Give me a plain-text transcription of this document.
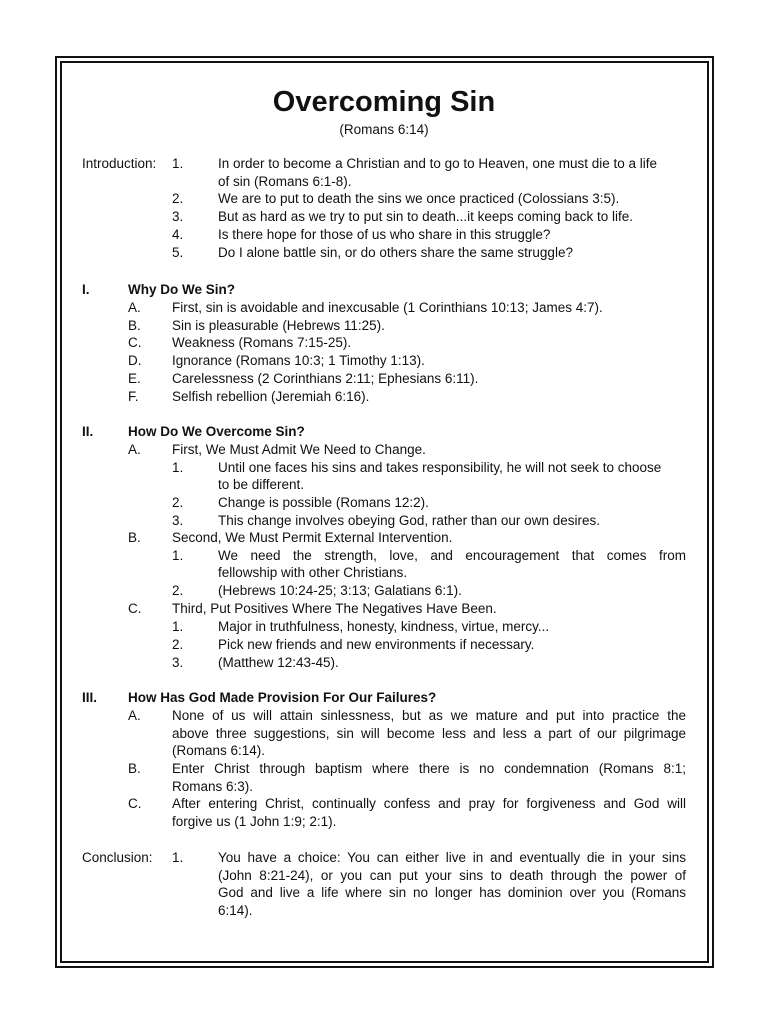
Overcoming Sin
(Romans 6:14)
Introduction: 1.	In order to become a Christian and to go to Heaven, one must die to a life
of sin (Romans 6:1-8).
2.	We are to put to death the sins we once practiced (Colossians 3:5).
3.	But as hard as we try to put sin to death...it keeps coming back to life.
4.	Is there hope for those of us who share in this struggle?
5.	Do I alone battle sin, or do others share the same struggle?
I.	Why Do We Sin?
A. First, sin is avoidable and inexcusable (1 Corinthians 10:13; James 4:7).
B. Sin is pleasurable (Hebrews 11:25).
C. Weakness (Romans 7:15-25).
D. Ignorance (Romans 10:3; 1 Timothy 1:13).
E. Carelessness (2 Corinthians 2:11; Ephesians 6:11).
F. Selfish rebellion (Jeremiah 6:16).
II.	How Do We Overcome Sin?
A. First, We Must Admit We Need to Change.
1.	Until one faces his sins and takes responsibility, he will not seek to choose
to be different.
2.	Change is possible (Romans 12:2).
3.	This change involves obeying God, rather than our own desires.
B. Second, We Must Permit External Intervention.
1.	We need the strength, love, and encouragement that comes from
fellowship with other Christians.
2.	(Hebrews 10:24-25; 3:13; Galatians 6:1).
C. Third, Put Positives Where The Negatives Have Been.
1.	Major in truthfulness, honesty, kindness, virtue, mercy...
2.	Pick new friends and new environments if necessary.
3.	(Matthew 12:43-45).
III. How Has God Made Provision For Our Failures?
A. None of us will attain sinlessness, but as we mature and put into practice the
above three suggestions, sin will become less and less a part of our pilgrimage
(Romans 6:14).
B. Enter Christ through baptism where there is no condemnation (Romans 8:1;
Romans 6:3).
C. After entering Christ, continually confess and pray for forgiveness and God will
forgive us (1 John 1:9; 2:1).
Conclusion: 1.	You have a choice: You can either live in and eventually die in your sins
(John 8:21-24), or you can put your sins to death through the power of
God and live a life where sin no longer has dominion over you (Romans
6:14).
